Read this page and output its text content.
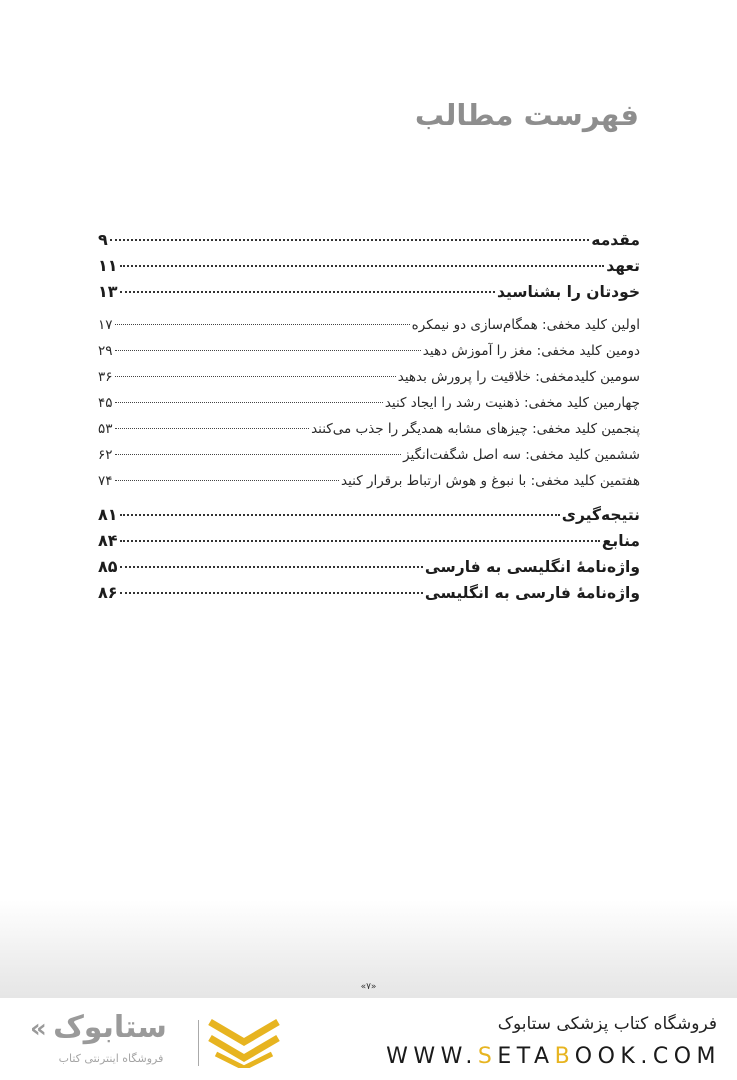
فهرست مطالب
مقدمه
۹
تعهد
۱۱
خودتان را بشناسید
۱۳
اولین کلید مخفی: همگام‌سازی دو نیمکره
۱۷
دومین کلید مخفی: مغز را آموزش دهید
۲۹
سومین کلیدمخفی: خلاقیت را پرورش بدهید
۳۶
چهارمین کلید مخفی: ذهنیت رشد را ایجاد کنید
۴۵
پنجمین کلید مخفی: چیزهای مشابه همدیگر را جذب می‌کنند
۵۳
ششمین کلید مخفی: سه اصل شگفت‌انگیز
۶۲
هفتمین کلید مخفی: با نبوغ و هوش ارتباط برقرار کنید
۷۴
نتیجه‌گیری
۸۱
منابع
۸۴
واژه‌نامهٔ انگلیسی به فارسی
۸۵
واژه‌نامهٔ فارسی به انگلیسی
۸۶
«۷»
« ستابوک
فروشگاه اینترنتی کتاب
فروشگاه کتاب پزشکی ستابوک
WWW.SETABOOK.COM
